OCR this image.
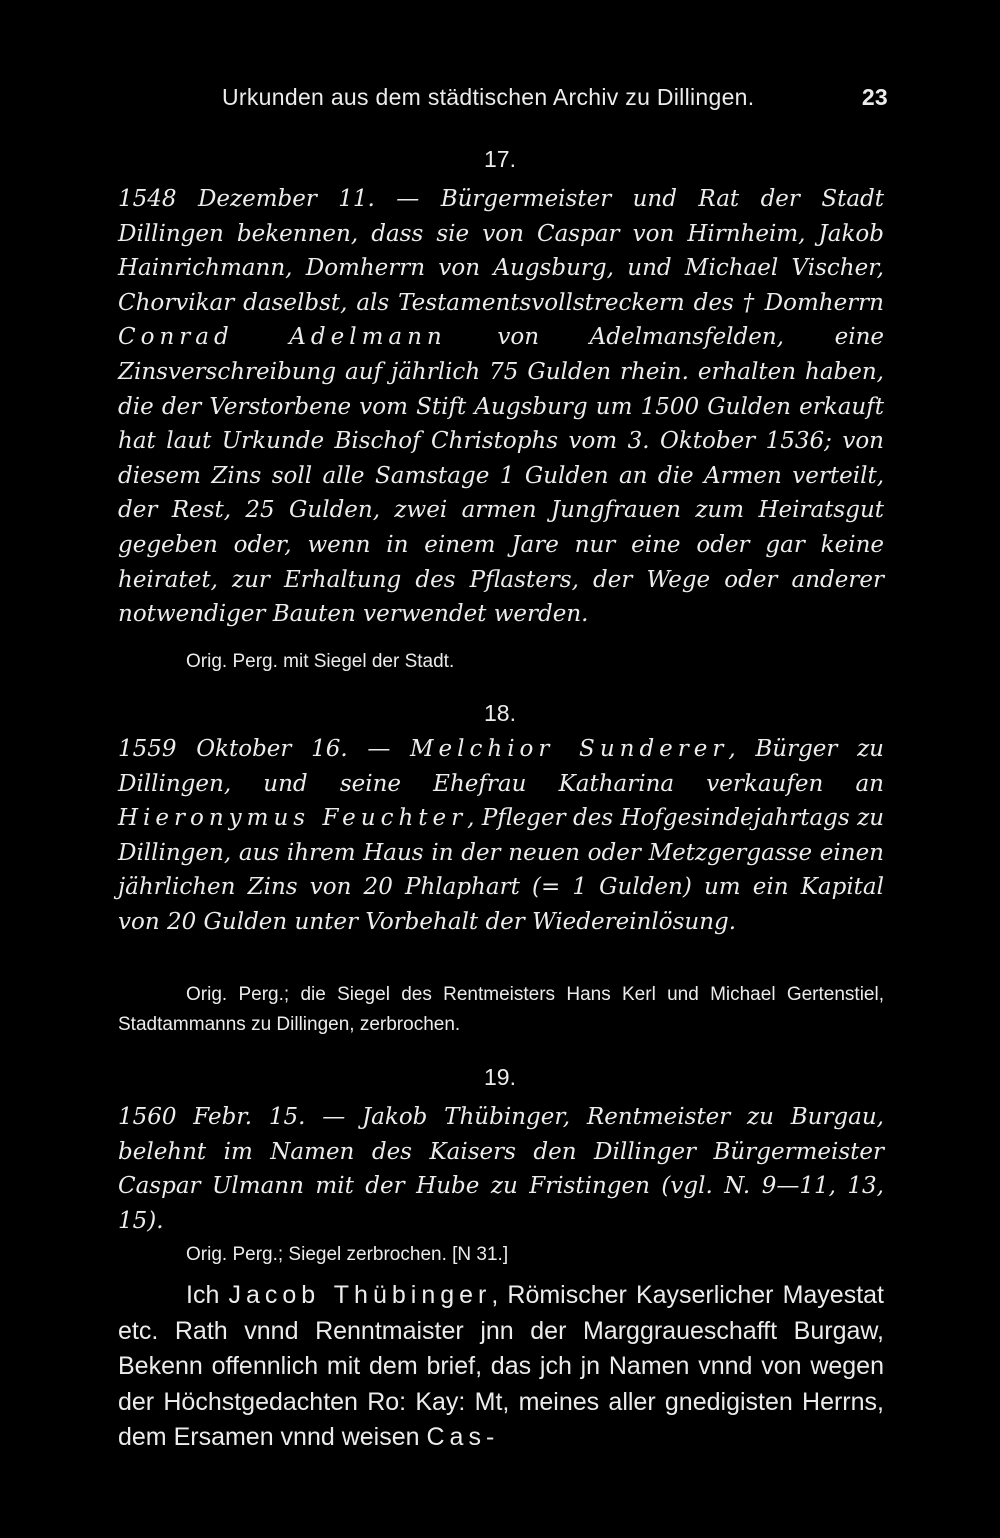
Urkunden aus dem städtischen Archiv zu Dillingen.	23
17.
1548 Dezember 11. — Bürgermeister und Rat der Stadt Dillingen bekennen, dass sie von Caspar von Hirnheim, Jakob Hainrichmann, Domherrn von Augsburg, und Michael Vischer, Chorvikar daselbst, als Testamentsvollstreckern des † Domherrn Conrad Adelmann von Adelmansfelden, eine Zinsverschreibung auf jährlich 75 Gulden rhein. erhalten haben, die der Verstorbene vom Stift Augsburg um 1500 Gulden erkauft hat laut Urkunde Bischof Christophs vom 3. Oktober 1536; von diesem Zins soll alle Samstage 1 Gulden an die Armen verteilt, der Rest, 25 Gulden, zwei armen Jungfrauen zum Heiratsgut gegeben oder, wenn in einem Jare nur eine oder gar keine heiratet, zur Erhaltung des Pflasters, der Wege oder anderer notwendiger Bauten verwendet werden.
Orig. Perg. mit Siegel der Stadt.
18.
1559 Oktober 16. — Melchior Sunderer, Bürger zu Dillingen, und seine Ehefrau Katharina verkaufen an Hieronymus Feuchter, Pfleger des Hofgesindejahrtags zu Dillingen, aus ihrem Haus in der neuen oder Metzgergasse einen jährlichen Zins von 20 Phlaphart (= 1 Gulden) um ein Kapital von 20 Gulden unter Vorbehalt der Wiedereinlösung.
Orig. Perg.; die Siegel des Rentmeisters Hans Kerl und Michael Gertenstiel, Stadtammanns zu Dillingen, zerbrochen.
19.
1560 Febr. 15. — Jakob Thübinger, Rentmeister zu Burgau, belehnt im Namen des Kaisers den Dillinger Bürgermeister Caspar Ulmann mit der Hube zu Fristingen (vgl. N. 9—11, 13, 15).
Orig. Perg.; Siegel zerbrochen. [N 31.]
Ich Jacob Thübinger, Römischer Kayserlicher Mayestat etc. Rath vnnd Renntmaister jnn der Marggraueschafft Burgaw, Bekenn offennlich mit dem brief, das jch jn Namen vnnd von wegen der Höchstgedachten Ro: Kay: Mt, meines aller gnedigisten Herrns, dem Ersamen vnnd weisen Cas-
